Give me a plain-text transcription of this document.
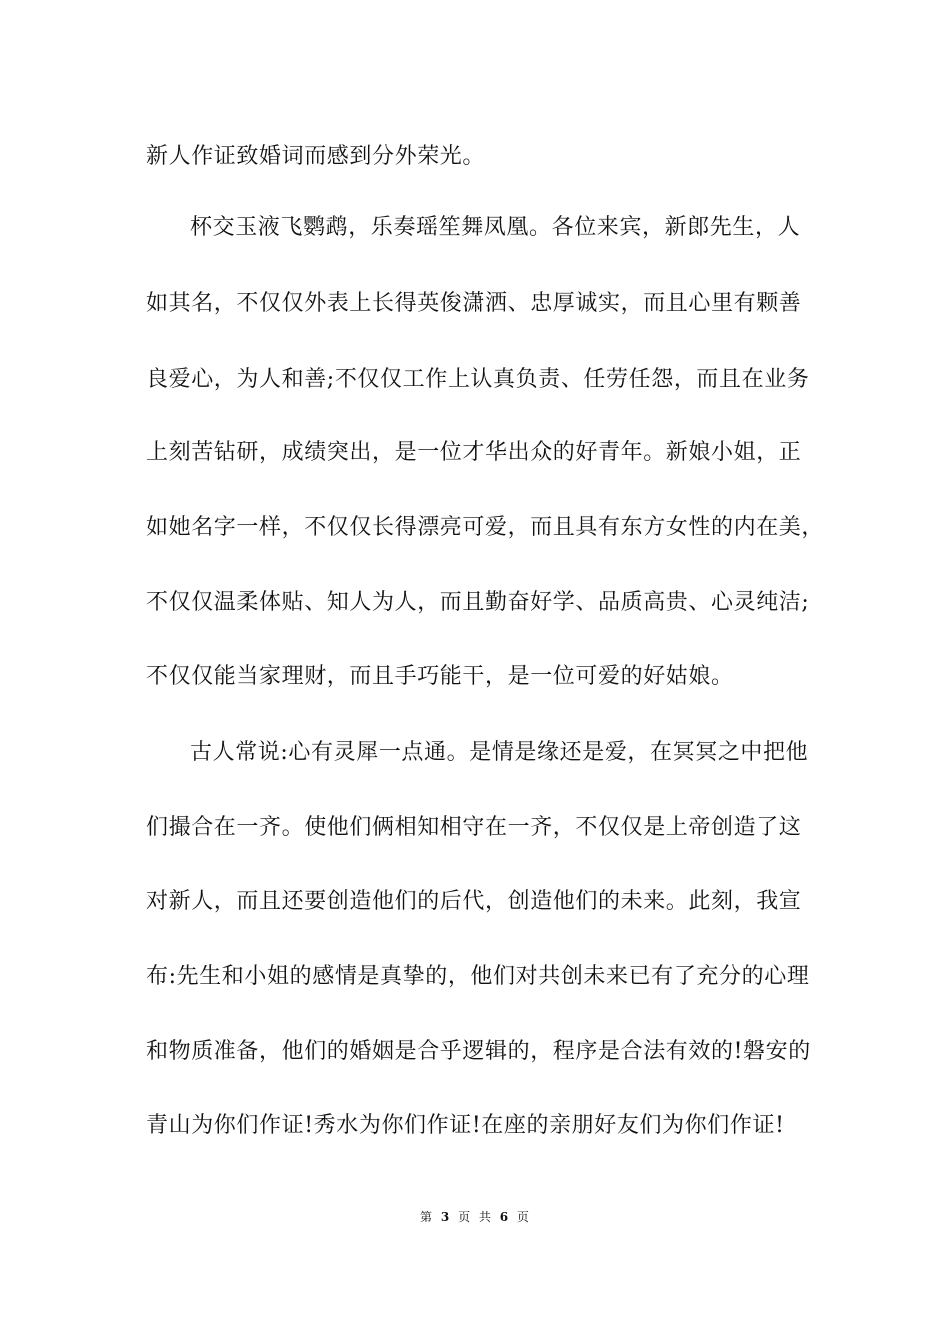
新人作证致婚词而感到分外荣光。
杯交玉液飞鹦鹉，乐奏瑶笙舞凤凰。各位来宾，新郎先生，人
如其名，不仅仅外表上长得英俊潇洒、忠厚诚实，而且心里有颗善
良爱心，为人和善;不仅仅工作上认真负责、任劳任怨，而且在业务
上刻苦钻研，成绩突出，是一位才华出众的好青年。新娘小姐，正
如她名字一样，不仅仅长得漂亮可爱，而且具有东方女性的内在美，
不仅仅温柔体贴、知人为人，而且勤奋好学、品质高贵、心灵纯洁;
不仅仅能当家理财，而且手巧能干，是一位可爱的好姑娘。
古人常说:心有灵犀一点通。是情是缘还是爱，在冥冥之中把他
们撮合在一齐。使他们俩相知相守在一齐，不仅仅是上帝创造了这
对新人，而且还要创造他们的后代，创造他们的未来。此刻，我宣
布:先生和小姐的感情是真挚的，他们对共创未来已有了充分的心理
和物质准备，他们的婚姻是合乎逻辑的，程序是合法有效的!磐安的
青山为你们作证!秀水为你们作证!在座的亲朋好友们为你们作证!
第 3 页 共 6 页
